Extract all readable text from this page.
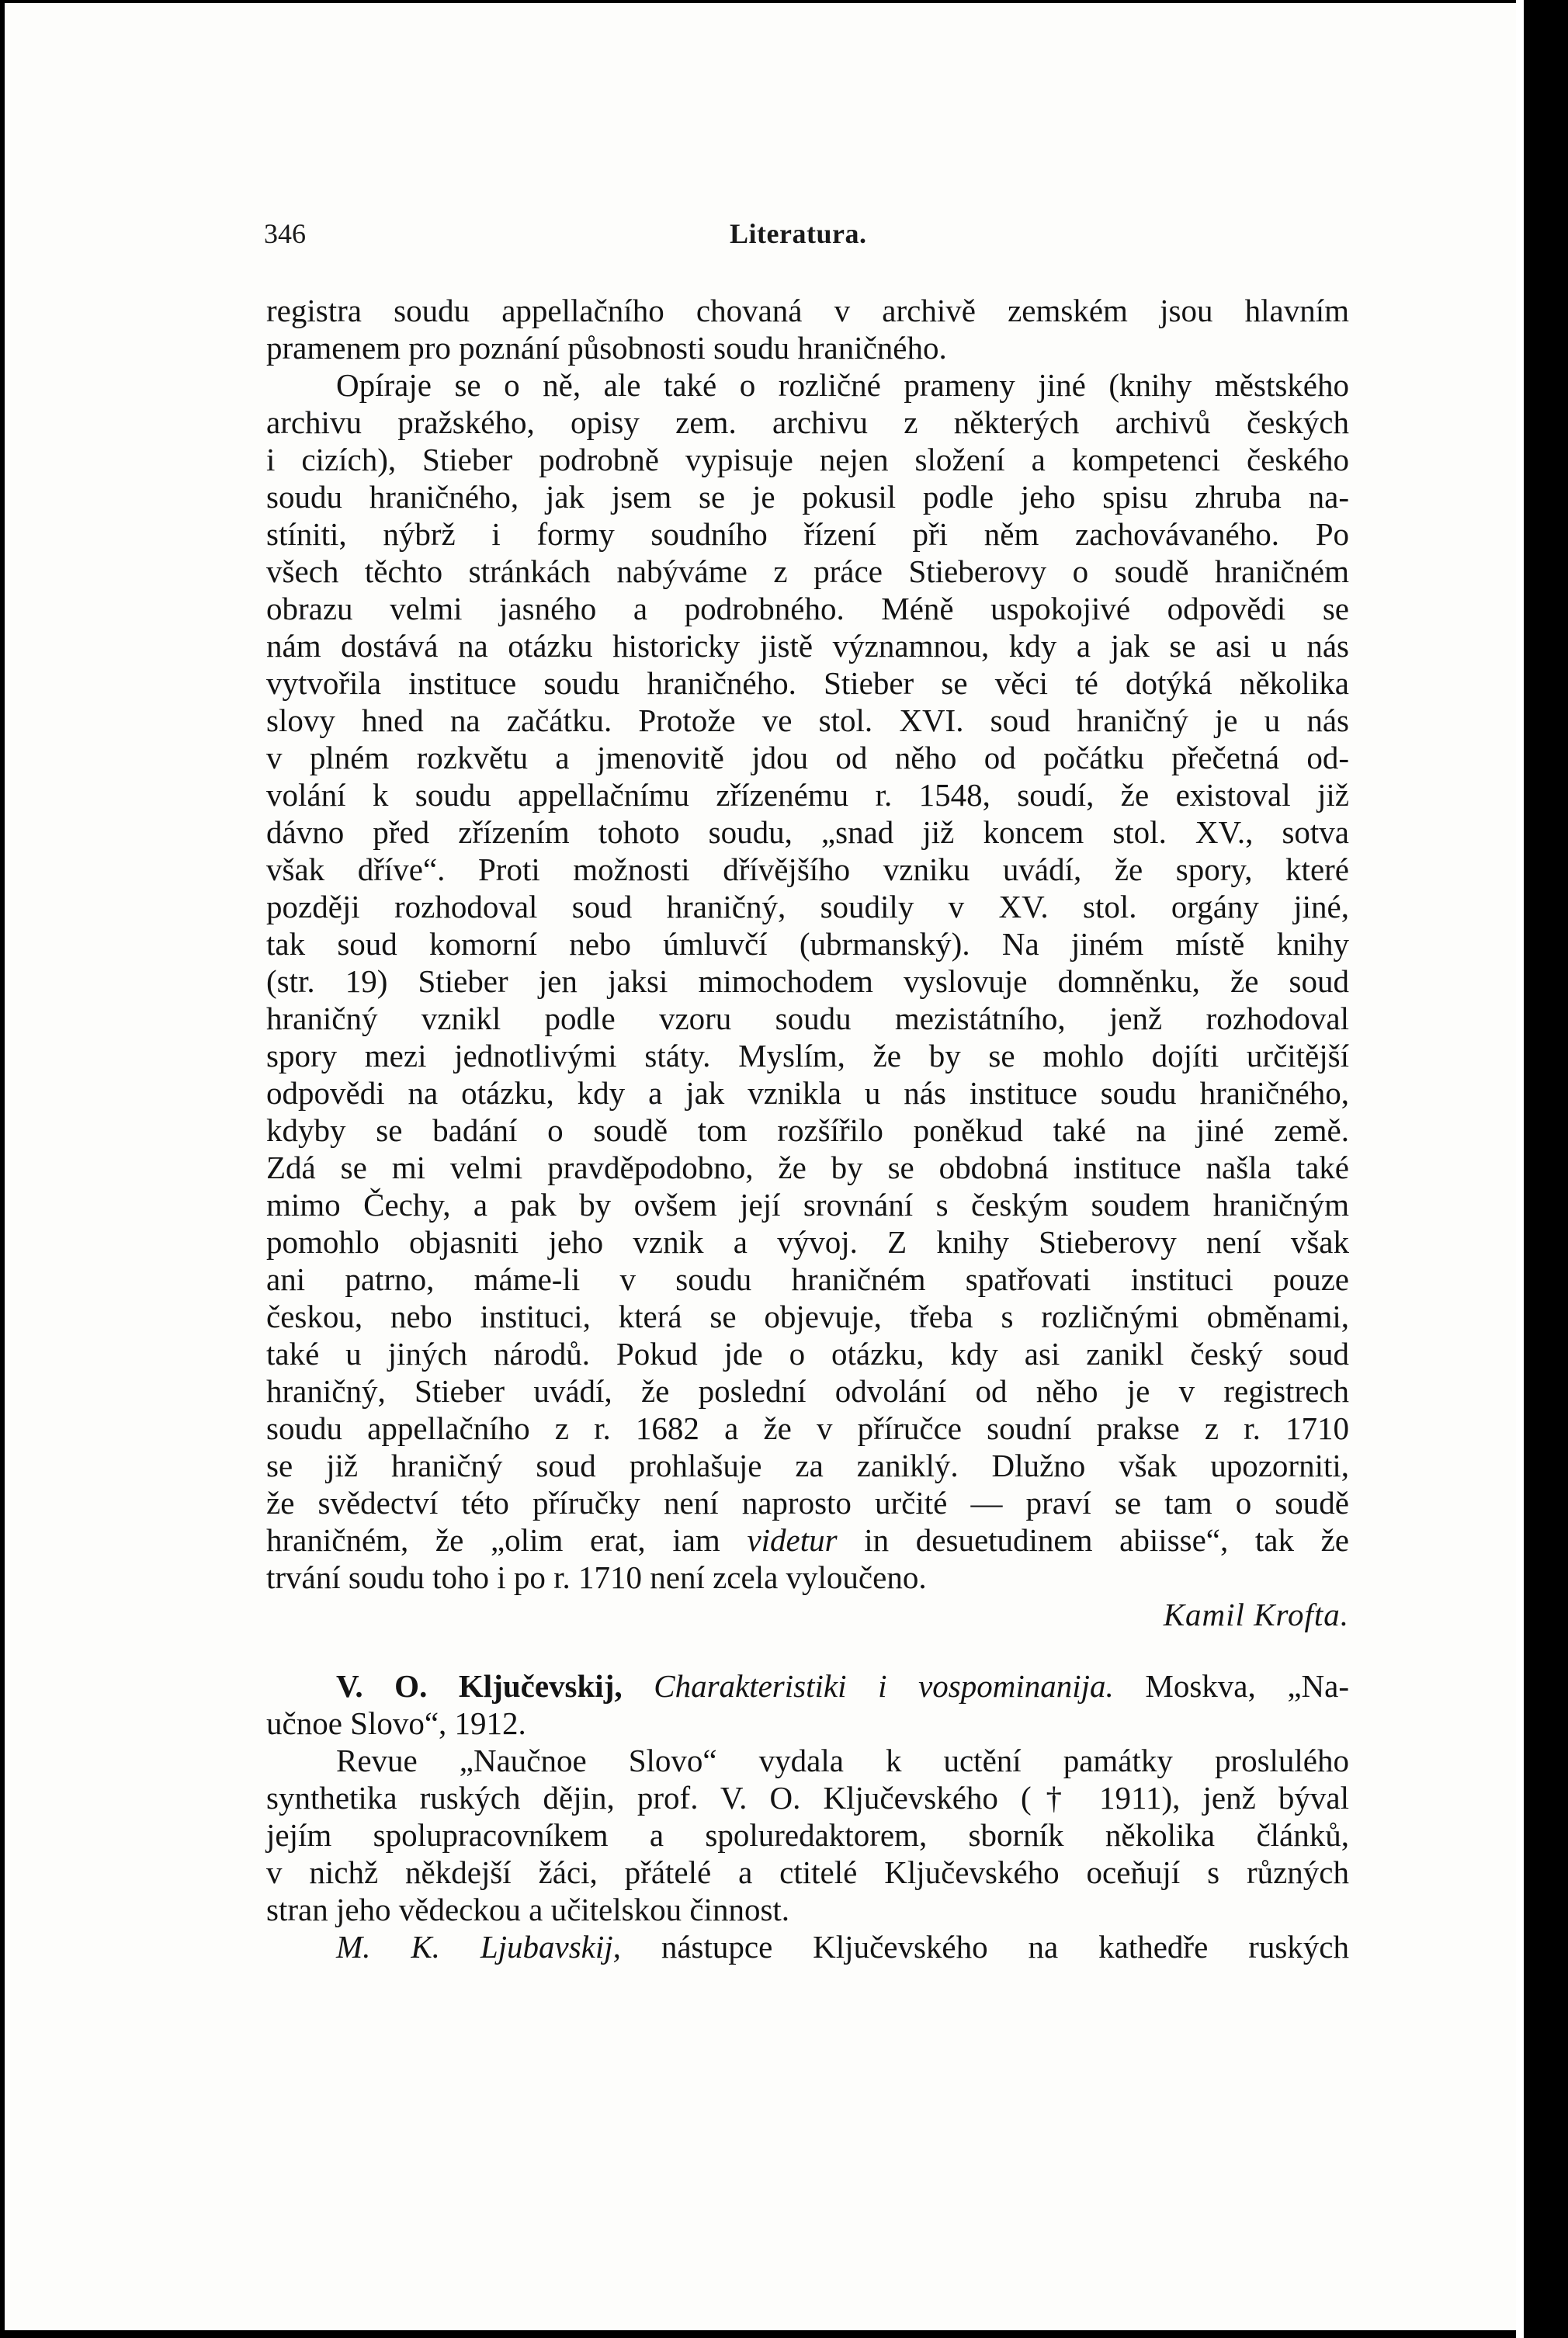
346	Literatura.
registra soudu appellačního chovaná v archivě zemském jsou hlavním
pramenem pro poznání působnosti soudu hraničného.
Opíraje se o ně, ale také o rozličné prameny jiné (knihy městského
archivu pražského, opisy zem. archivu z některých archivů českých
i cizích), Stieber podrobně vypisuje nejen složení a kompetenci českého
soudu hraničného, jak jsem se je pokusil podle jeho spisu zhruba na-
stíniti, nýbrž i formy soudního řízení při něm zachovávaného. Po
všech těchto stránkách nabýváme z práce Stieberovy o soudě hraničném
obrazu velmi jasného a podrobného. Méně uspokojivé odpovědi se
nám dostává na otázku historicky jistě významnou, kdy a jak se asi u nás
vytvořila instituce soudu hraničného. Stieber se věci té dotýká několika
slovy hned na začátku. Protože ve stol. XVI. soud hraničný je u nás
v plném rozkvětu a jmenovitě jdou od něho od počátku přečetná od-
volání k soudu appellačnímu zřízenému r. 1548, soudí, že existoval již
dávno před zřízením tohoto soudu, „snad již koncem stol. XV., sotva
však dříve“. Proti možnosti dřívějšího vzniku uvádí, že spory, které
později rozhodoval soud hraničný, soudily v XV. stol. orgány jiné,
tak soud komorní nebo úmluvčí (ubrmanský). Na jiném místě knihy
(str. 19) Stieber jen jaksi mimochodem vyslovuje domněnku, že soud
hraničný vznikl podle vzoru soudu mezistátního, jenž rozhodoval
spory mezi jednotlivými státy. Myslím, že by se mohlo dojíti určitější
odpovědi na otázku, kdy a jak vznikla u nás instituce soudu hraničného,
kdyby se badání o soudě tom rozšířilo poněkud také na jiné země.
Zdá se mi velmi pravděpodobno, že by se obdobná instituce našla také
mimo Čechy, a pak by ovšem její srovnání s českým soudem hraničným
pomohlo objasniti jeho vznik a vývoj. Z knihy Stieberovy není však
ani patrno, máme-li v soudu hraničném spatřovati instituci pouze
českou, nebo instituci, která se objevuje, třeba s rozličnými obměnami,
také u jiných národů. Pokud jde o otázku, kdy asi zanikl český soud
hraničný, Stieber uvádí, že poslední odvolání od něho je v registrech
soudu appellačního z r. 1682 a že v příručce soudní prakse z r. 1710
se již hraničný soud prohlašuje za zaniklý. Dlužno však upozorniti,
že svědectví této příručky není naprosto určité — praví se tam o soudě
hraničném, že „olim erat, iam videtur in desuetudinem abiisse“, tak že
trvání soudu toho i po r. 1710 není zcela vyloučeno.
Kamil Krofta.
V. O. Ključevskij, Charakteristiki i vospominanija. Moskva, „Na-
učnoe Slovo“, 1912.
Revue „Naučnoe Slovo“ vydala k uctění památky proslulého
synthetika ruských dějin, prof. V. O. Ključevského († 1911), jenž býval
jejím spolupracovníkem a spoluredaktorem, sborník několika článků,
v nichž někdejší žáci, přátelé a ctitelé Ključevského oceňují s různých
stran jeho vědeckou a učitelskou činnost.
M. K. Ljubavskij, nástupce Ključevského na kathedře ruských
